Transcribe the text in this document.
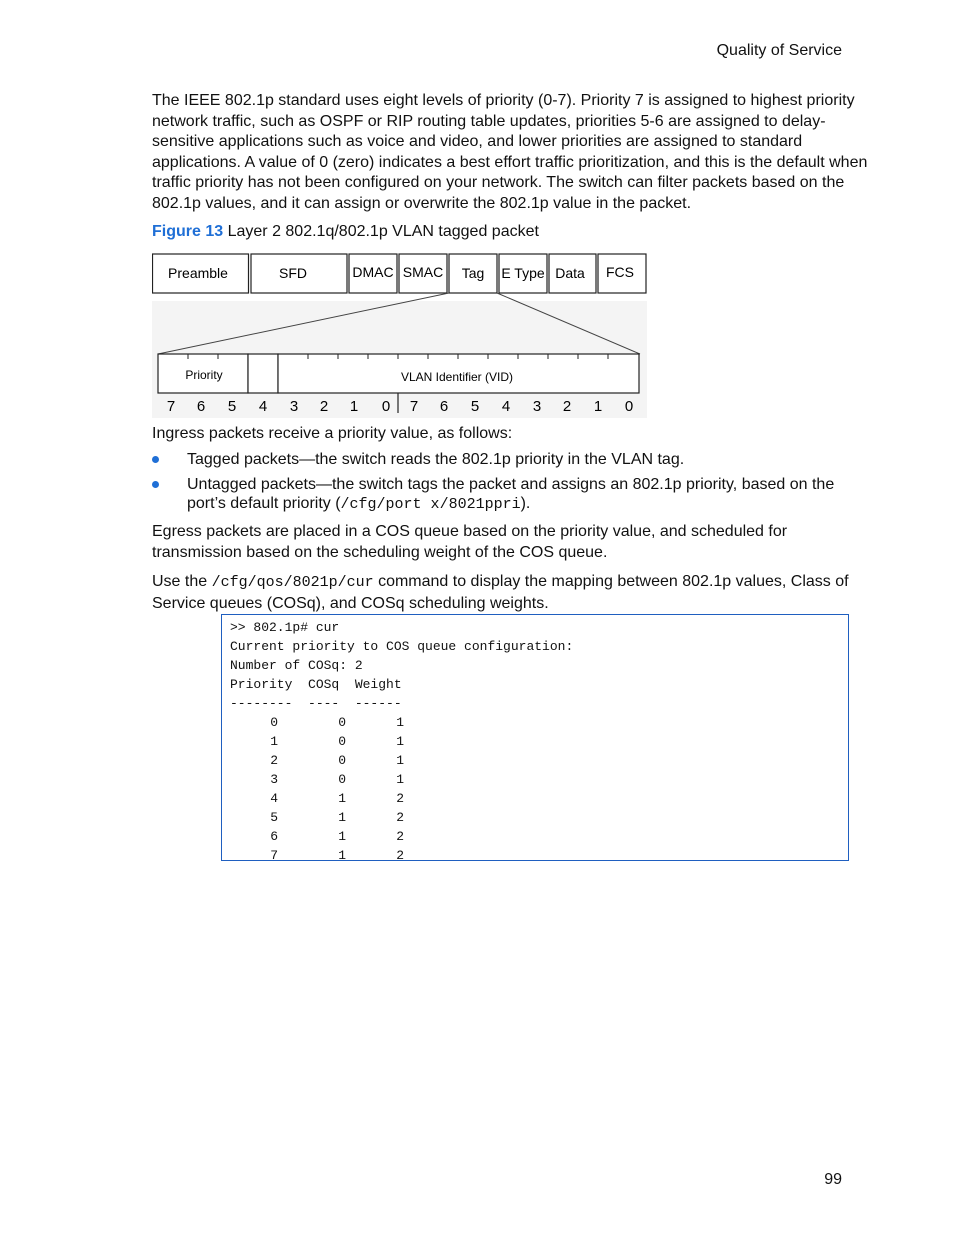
Quality of Service

The IEEE 802.1p standard uses eight levels of priority (0-7). Priority 7 is assigned to highest priority network traffic, such as OSPF or RIP routing table updates, priorities 5-6 are assigned to delay-sensitive applications such as voice and video, and lower priorities are assigned to standard applications. A value of 0 (zero) indicates a best effort traffic prioritization, and this is the default when traffic priority has not been configured on your network. The switch can filter packets based on the 802.1p values, and it can assign or overwrite the 802.1p value in the packet.

Figure 13 Layer 2 802.1q/802.1p VLAN tagged packet
Preamble	SFD	DMAC SMAC Tag E Type Data FCS
Priority	VLAN Identifier (VID)
7 6 5 4 3 2 1 0 7 6 5 4 3 2 1 0

Ingress packets receive a priority value, as follows:

Tagged packets—the switch reads the 802.1p priority in the VLAN tag.
Untagged packets—the switch tags the packet and assigns an 802.1p priority, based on the port’s default priority (/cfg/port x/8021ppri).

Egress packets are placed in a COS queue based on the priority value, and scheduled for transmission based on the scheduling weight of the COS queue.

Use the /cfg/qos/8021p/cur command to display the mapping between 802.1p values, Class of Service queues (COSq), and COSq scheduling weights.

>> 802.1p# cur
Current priority to COS queue configuration:
Number of COSq: 2
Priority  COSq  Weight
--------  ----  ------
0	0	1
1	0	1
2	0	1
3	0	1
4	1	2
5	1	2
6	1	2
7	1	2
99
